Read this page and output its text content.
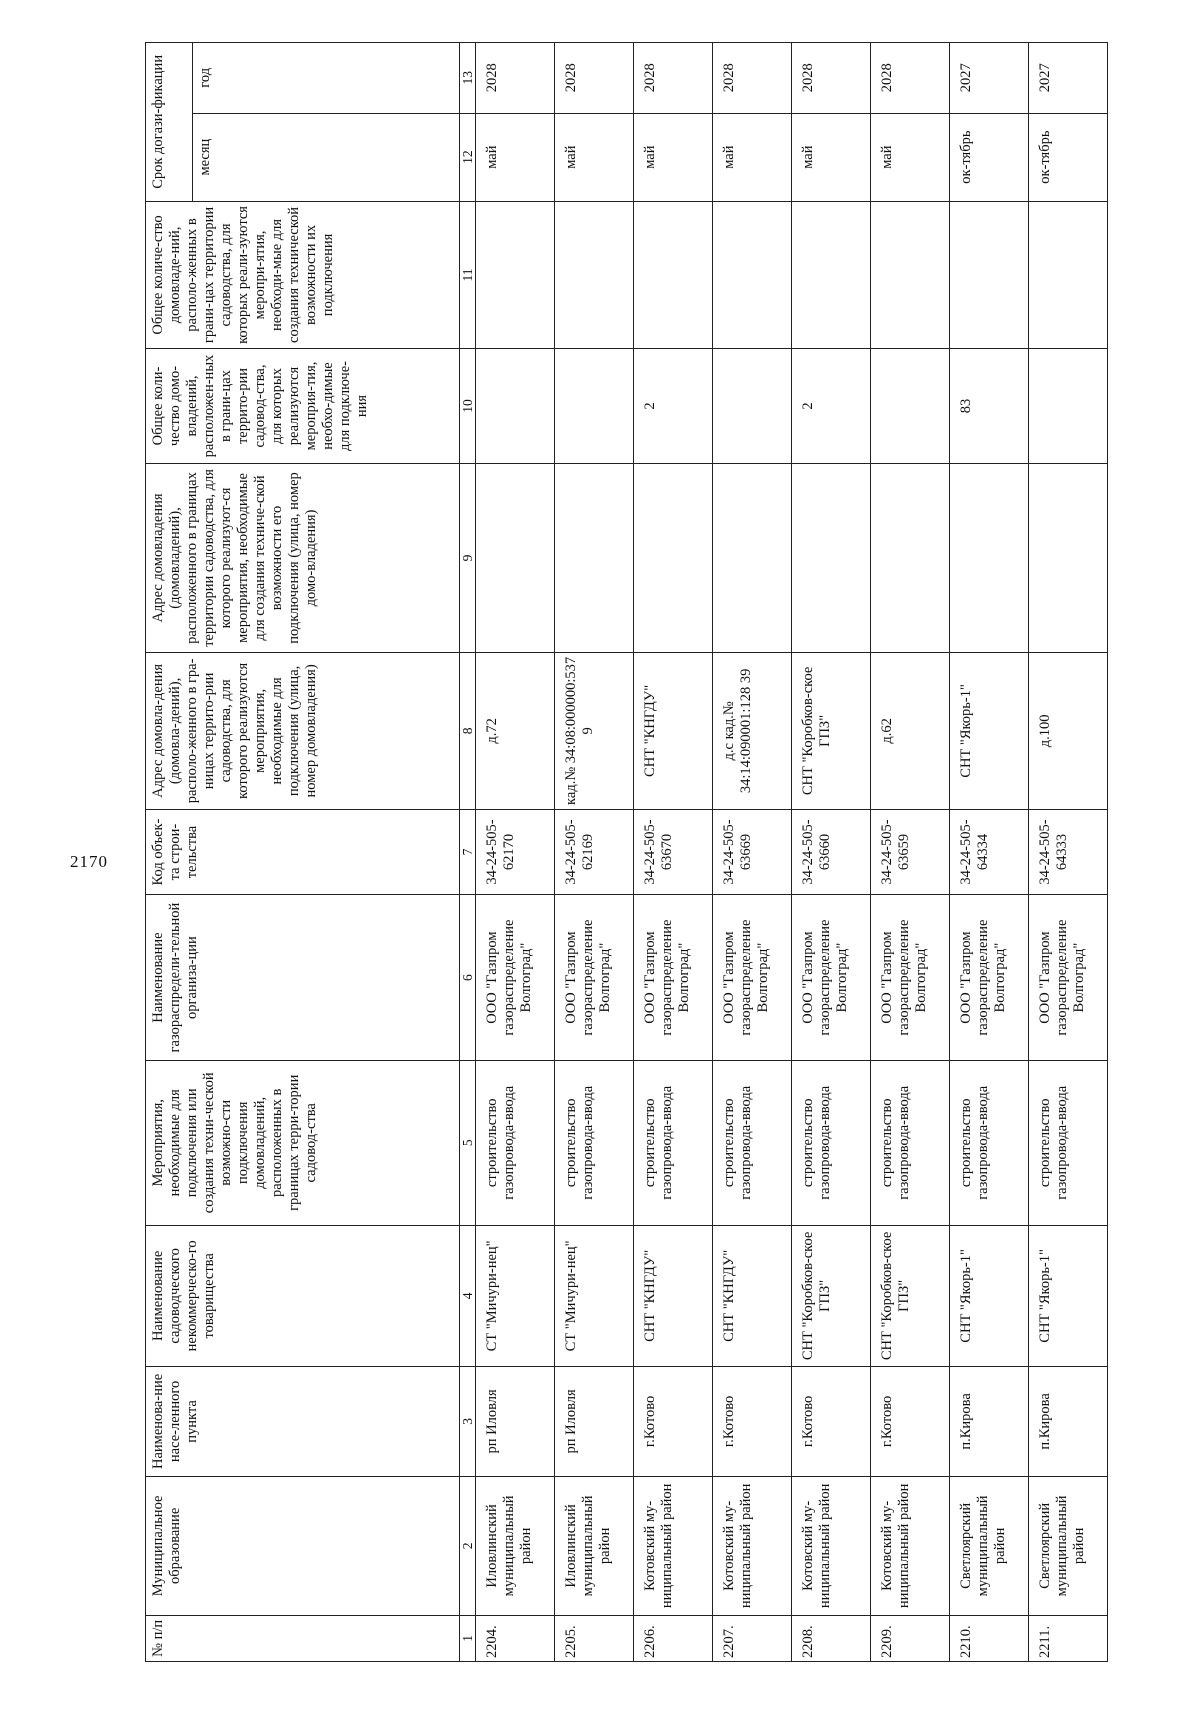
2170
№ п/п	Муниципальное образование	Наименова-ние насе-ленного пункта	Наименование садоводческого некоммерческо-го товарищества	Мероприятия, необходимые для подключения или создания техни-ческой возможно-сти подключения домовладений, расположенных в границах терри-тории садовод-ства	Наименование газораспредели-тельной организа-ции	Код объек-та строи-тельства	Адрес домовла-дения (домовла-дений), располо-женного в гра-ницах террито-рии садоводства, для которого реализуются мероприятия, необходимые для подключения (улица, номер домовладения)	Адрес домовладения (домовладений), расположенного в границах территории садоводства, для которого реализуют-ся мероприятия, необходимые для создания техниче-ской возможности его подключения (улица, номер домо-владения)	Общее коли-чество домо-владений, расположен-ных в грани-цах террито-рии садовод-ства, для которых реализуются мероприя-тия, необхо-димые для подключе-ния	Общее количе-ство домовладе-ний, располо-женных в грани-цах территории садоводства, для которых реали-зуются меропри-ятия, необходи-мые для создания технической возможности их подключения	Срок догази-фикации	
											месяц	год
1	2	3	4	5	6	7	8	9	10	11	12	13
2204.	Иловлинский муниципальный район	рп Иловля	СТ "Мичури-нец"	строительство газопровода-ввода	ООО "Газпром газораспределение Волгоград"	34-24-505-62170	д.72				май	2028
2205.	Иловлинский муниципальный район	рп Иловля	СТ "Мичури-нец"	строительство газопровода-ввода	ООО "Газпром газораспределение Волгоград"	34-24-505-62169	кад.№ 34:08:000000:537 9				май	2028
2206.	Котовский му-ниципальный район	г.Котово	СНТ "КНГДУ"	строительство газопровода-ввода	ООО "Газпром газораспределение Волгоград"	34-24-505-63670	СНТ "КНГДУ"		2		май	2028
2207.	Котовский му-ниципальный район	г.Котово	СНТ "КНГДУ"	строительство газопровода-ввода	ООО "Газпром газораспределение Волгоград"	34-24-505-63669	д.с кад.№ 34:14:090001:128 39				май	2028
2208.	Котовский му-ниципальный район	г.Котово	СНТ "Коробков-ское ГПЗ"	строительство газопровода-ввода	ООО "Газпром газораспределение Волгоград"	34-24-505-63660	СНТ "Коробков-ское ГПЗ"		2		май	2028
2209.	Котовский му-ниципальный район	г.Котово	СНТ "Коробков-ское ГПЗ"	строительство газопровода-ввода	ООО "Газпром газораспределение Волгоград"	34-24-505-63659	д.62				май	2028
2210.	Светлоярский муниципальный район	п.Кирова	СНТ "Якорь-1"	строительство газопровода-ввода	ООО "Газпром газораспределение Волгоград"	34-24-505-64334	СНТ "Якорь-1"		83		ок-тябрь	2027
2211.	Светлоярский муниципальный район	п.Кирова	СНТ "Якорь-1"	строительство газопровода-ввода	ООО "Газпром газораспределение Волгоград"	34-24-505-64333	д.100				ок-тябрь	2027
